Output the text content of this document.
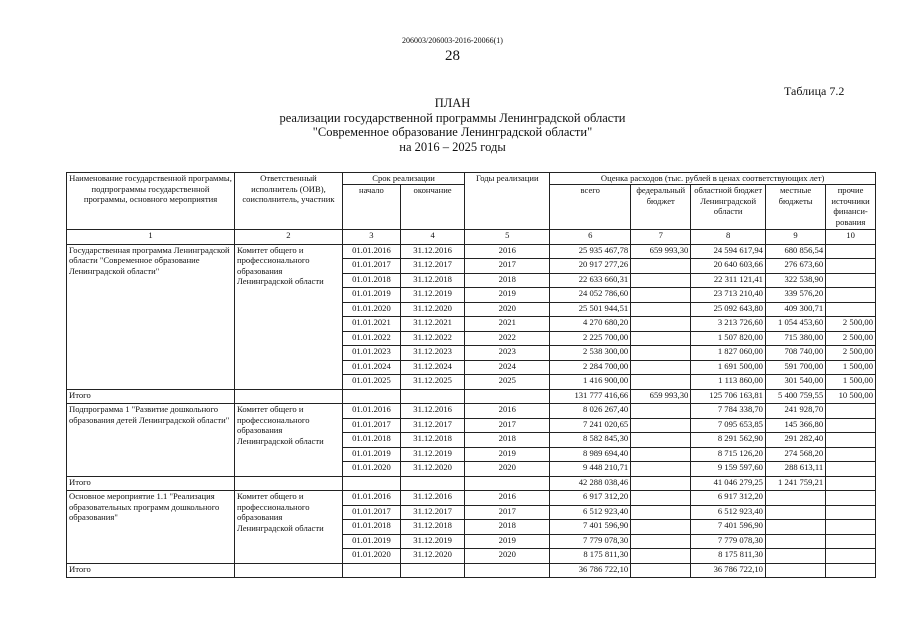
206003/206003-2016-20066(1)
28
Таблица 7.2
ПЛАН
реализации государственной программы Ленинградской области
"Современное образование Ленинградской области"
на 2016 – 2025 годы
Наименование государственной программы, подпрограммы государственной программы, основного мероприятия	Ответственный исполнитель (ОИВ), соисполнитель, участник	Срок реализации		Годы реализации	Оценка расходов (тыс. рублей в ценах соответствующих лет)				
		начало	окончание		всего	федеральный бюджет	областной бюджет Ленинградской области	местные бюджеты	прочие источники финанси-рования

1	2	3	4	5	6	7	8	9	10
Государственная программа Ленинградской области "Современное образование Ленинградской области"	Комитет общего и профессионального образования Ленинградской области	01.01.2016	31.12.2016	2016	25 935 467,78	659 993,30	24 594 617,94	680 856,54	
		01.01.2017	31.12.2017	2017	20 917 277,26		20 640 603,66	276 673,60	
		01.01.2018	31.12.2018	2018	22 633 660,31		22 311 121,41	322 538,90	
		01.01.2019	31.12.2019	2019	24 052 786,60		23 713 210,40	339 576,20	
		01.01.2020	31.12.2020	2020	25 501 944,51		25 092 643,80	409 300,71	
		01.01.2021	31.12.2021	2021	4 270 680,20		3 213 726,60	1 054 453,60	2 500,00
		01.01.2022	31.12.2022	2022	2 225 700,00		1 507 820,00	715 380,00	2 500,00
		01.01.2023	31.12.2023	2023	2 538 300,00		1 827 060,00	708 740,00	2 500,00
		01.01.2024	31.12.2024	2024	2 284 700,00		1 691 500,00	591 700,00	1 500,00
		01.01.2025	31.12.2025	2025	1 416 900,00		1 113 860,00	301 540,00	1 500,00
Итого					131 777 416,66	659 993,30	125 706 163,81	5 400 759,55	10 500,00
Подпрограмма 1 "Развитие дошкольного образования детей Ленинградской области"	Комитет общего и профессионального образования Ленинградской области	01.01.2016	31.12.2016	2016	8 026 267,40		7 784 338,70	241 928,70	
		01.01.2017	31.12.2017	2017	7 241 020,65		7 095 653,85	145 366,80	
		01.01.2018	31.12.2018	2018	8 582 845,30		8 291 562,90	291 282,40	
		01.01.2019	31.12.2019	2019	8 989 694,40		8 715 126,20	274 568,20	
		01.01.2020	31.12.2020	2020	9 448 210,71		9 159 597,60	288 613,11	
Итого					42 288 038,46		41 046 279,25	1 241 759,21	
Основное мероприятие 1.1 "Реализация образовательных программ дошкольного образования"	Комитет общего и профессионального образования Ленинградской области	01.01.2016	31.12.2016	2016	6 917 312,20		6 917 312,20		
		01.01.2017	31.12.2017	2017	6 512 923,40		6 512 923,40		
		01.01.2018	31.12.2018	2018	7 401 596,90		7 401 596,90		
		01.01.2019	31.12.2019	2019	7 779 078,30		7 779 078,30		
		01.01.2020	31.12.2020	2020	8 175 811,30		8 175 811,30		
Итого					36 786 722,10		36 786 722,10		
